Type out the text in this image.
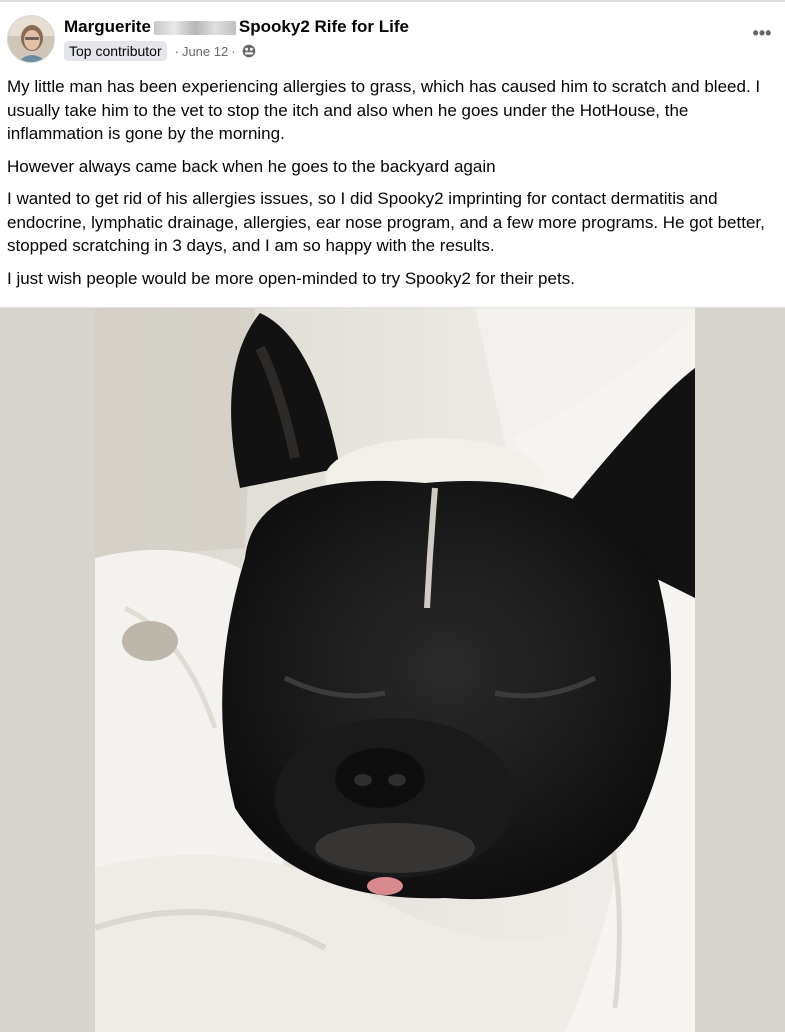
Marguerite	Spooky2 Rife for Life
Top contributor	· June 12 ·
•••

My little man has been experiencing allergies to grass, which has caused him to scratch and bleed. I usually take him to the vet to stop the itch and also when he goes under the HotHouse, the inflammation is gone by the morning.

However always came back when he goes to the backyard again

I wanted to get rid of his allergies issues, so I did Spooky2 imprinting for contact dermatitis and endocrine, lymphatic drainage, allergies, ear nose program, and a few more programs. He got better, stopped scratching in 3 days, and I am so happy with the results.

I just wish people would be more open-minded to try Spooky2 for their pets.
